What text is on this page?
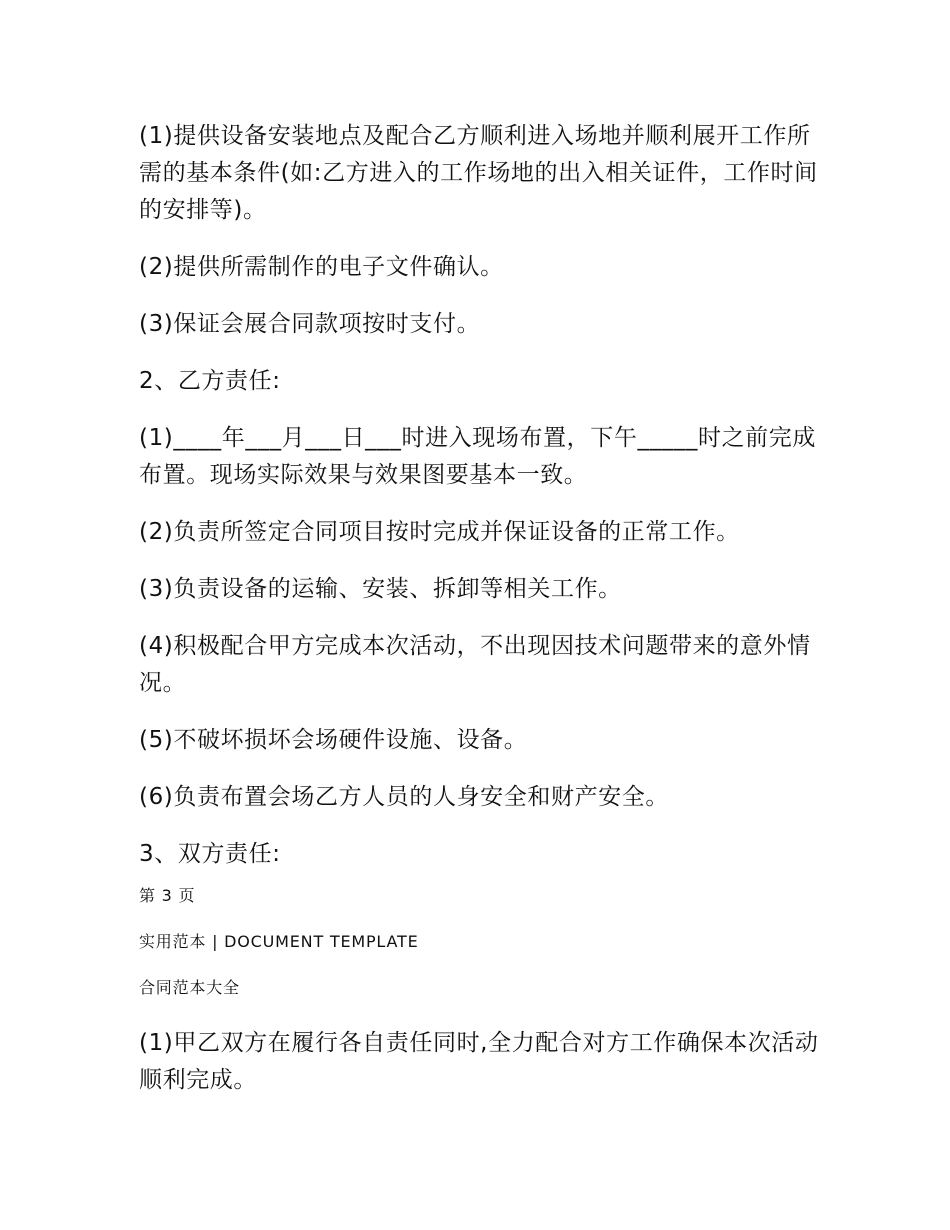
(1)提供设备安装地点及配合乙方顺利进入场地并顺利展开工作所需的基本条件(如:乙方进入的工作场地的出入相关证件，工作时间的安排等)。

(2)提供所需制作的电子文件确认。

(3)保证会展合同款项按时支付。

2、乙方责任:

(1)____年___月___日___时进入现场布置，下午_____时之前完成布置。现场实际效果与效果图要基本一致。

(2)负责所签定合同项目按时完成并保证设备的正常工作。

(3)负责设备的运输、安装、拆卸等相关工作。

(4)积极配合甲方完成本次活动，不出现因技术问题带来的意外情况。

(5)不破坏损坏会场硬件设施、设备。

(6)负责布置会场乙方人员的人身安全和财产安全。

3、双方责任:

第 3 页

实用范本 | DOCUMENT TEMPLATE

合同范本大全

(1)甲乙双方在履行各自责任同时,全力配合对方工作确保本次活动顺利完成。
